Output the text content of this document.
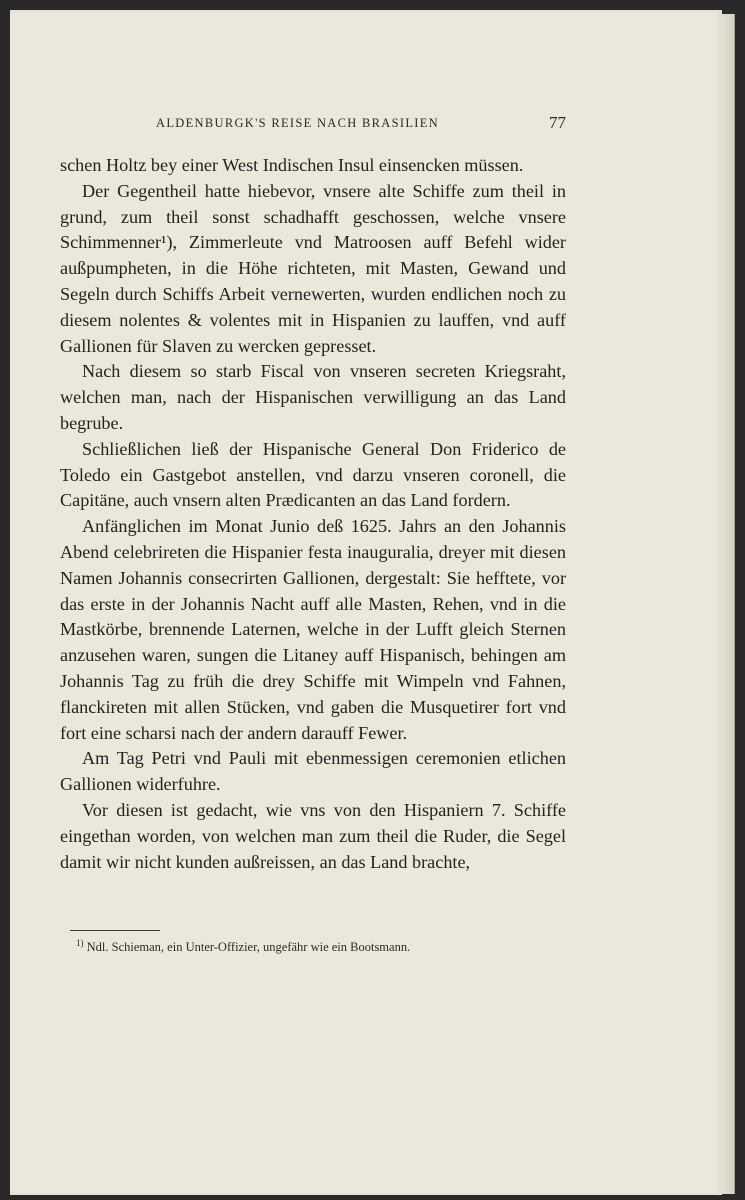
ALDENBURGK'S REISE NACH BRASILIEN	77

schen Holtz bey einer West Indischen Insul einsencken müssen.

Der Gegentheil hatte hiebevor, vnsere alte Schiffe zum theil in grund, zum theil sonst schadhafft geschossen, welche vnsere Schimmenner¹), Zimmerleute vnd Matroosen auff Befehl wider außpumpheten, in die Höhe richteten, mit Masten, Gewand und Segeln durch Schiffs Arbeit vernewerten, wurden endlichen noch zu diesem nolentes & volentes mit in Hispanien zu lauffen, vnd auff Gallionen für Slaven zu wercken gepresset.

Nach diesem so starb Fiscal von vnseren secreten Kriegsraht, welchen man, nach der Hispanischen verwilligung an das Land begrube.

Schließlichen ließ der Hispanische General Don Friderico de Toledo ein Gastgebot anstellen, vnd darzu vnseren coronell, die Capitäne, auch vnsern alten Prædicanten an das Land fordern.

Anfänglichen im Monat Junio deß 1625. Jahrs an den Johannis Abend celebrireten die Hispanier festa inauguralia, dreyer mit diesen Namen Johannis consecrirten Gallionen, dergestalt: Sie hefftete, vor das erste in der Johannis Nacht auff alle Masten, Rehen, vnd in die Mastkörbe, brennende Laternen, welche in der Lufft gleich Sternen anzusehen waren, sungen die Litaney auff Hispanisch, behingen am Johannis Tag zu früh die drey Schiffe mit Wimpeln vnd Fahnen, flanckireten mit allen Stücken, vnd gaben die Musquetirer fort vnd fort eine scharsi nach der andern darauff Fewer.

Am Tag Petri vnd Pauli mit ebenmessigen ceremonien etlichen Gallionen widerfuhre.

Vor diesen ist gedacht, wie vns von den Hispaniern 7. Schiffe eingethan worden, von welchen man zum theil die Ruder, die Segel damit wir nicht kunden außreissen, an das Land brachte,

$^{1)}$ Ndl. Schieman, ein Unter-Offizier, ungefähr wie ein Bootsmann.
